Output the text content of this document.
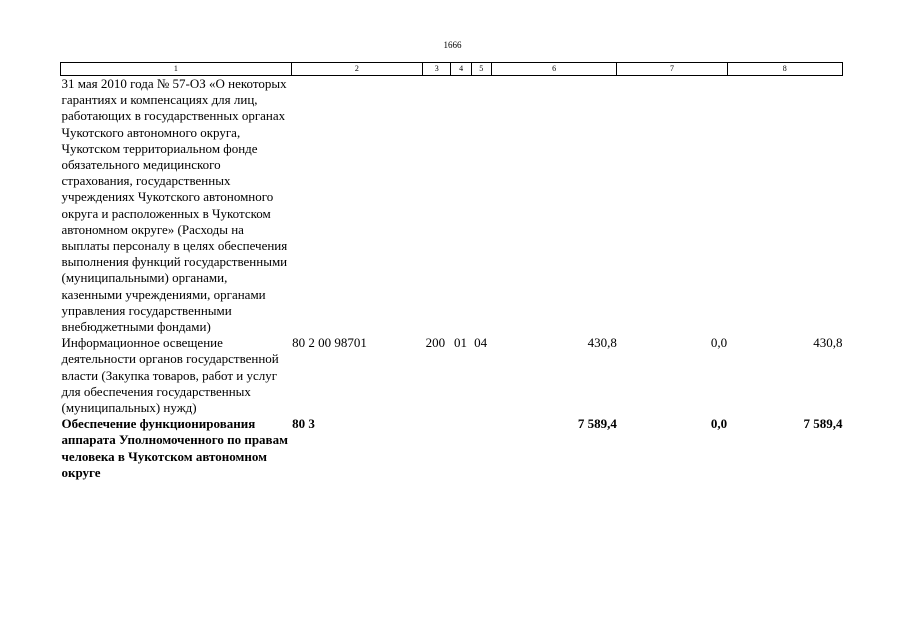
1666
1	2	3	4	5	6	7	8
31 мая 2010 года № 57-ОЗ «О некоторых гарантиях и компенсациях для лиц, работающих в государственных органах Чукотского автономного округа, Чукотском территориальном фонде обязательного медицинского страхования, государственных учреждениях Чукотского автономного округа и расположенных в Чукотском автономном округе» (Расходы на выплаты персоналу в целях обеспечения выполнения функций государственными (муниципальными) органами, казенными учреждениями, органами управления государственными внебюджетными фондами)							
Информационное освещение деятельности органов государственной власти (Закупка товаров, работ и услуг для обеспечения государственных (муниципальных) нужд)	80 2 00 98701	200	01	04	430,8	0,0	430,8
Обеспечение функционирования аппарата Уполномоченного по правам человека в Чукотском автономном округе	80 3				7 589,4	0,0	7 589,4
